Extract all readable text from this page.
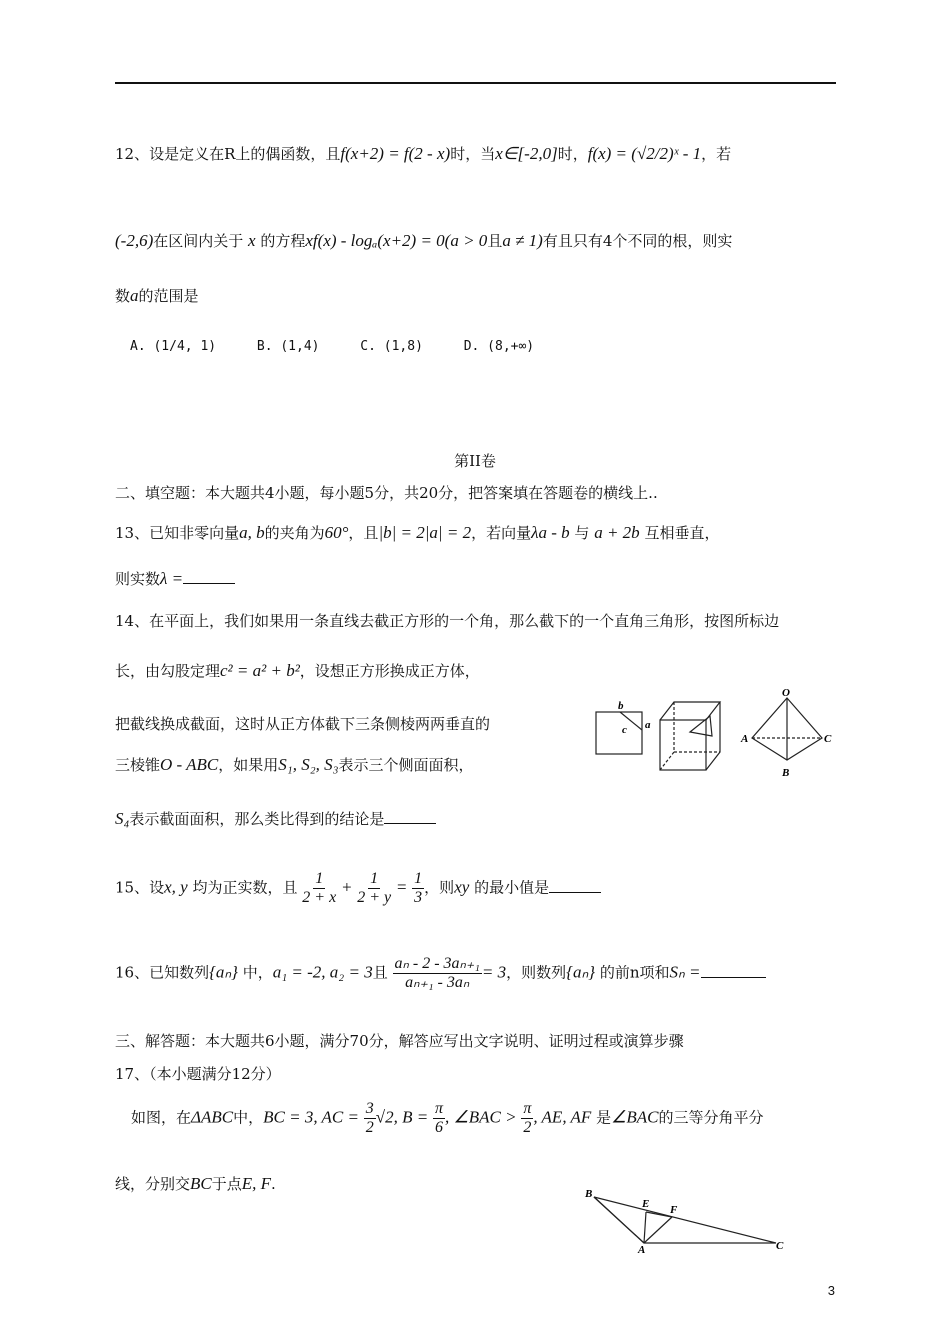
12、设是定义在R上的偶函数，且f(x+2) = f(2 - x)时，当x∈[-2,0]时，f(x) = (√2/2)ˣ - 1，若
(-2,6)在区间内关于 x 的方程xf(x) - logₐ(x+2) = 0(a > 0且a ≠ 1)有且只有4个不同的根，则实
数a的范围是
A. (1/4, 1)	B. (1,4)	C. (1,8)	D. (8,+∞)
第II卷
二、填空题：本大题共4小题，每小题5分，共20分，把答案填在答题卷的横线上..
13、已知非零向量a, b的夹角为60°，且|b| = 2|a| = 2，若向量λa - b 与 a + 2b 互相垂直，
则实数λ =
14、在平面上，我们如果用一条直线去截正方形的一个角，那么截下的一个直角三角形，按图所标边
长，由勾股定理c² = a² + b²，设想正方形换成正方体，
把截线换成截面，这时从正方体截下三条侧棱两两垂直的
三棱锥O - ABC，如果用S₁, S₂, S₃表示三个侧面面积，
S₄表示截面面积，那么类比得到的结论是
b
a
c
O
A
B
C
15、设x, y 均为正实数，且 $\frac{1}{2 + x} + \frac{1}{2 + y} = \frac{1}{3}$ ，则xy 的最小值是
16、已知数列{aₙ} 中，a₁ = -2, a₂ = 3且 $\frac{\text{aₙ - 2 - 3aₙ₊₁}}{\text{aₙ₊₁ - 3aₙ}} = 3$，则数列{aₙ} 的前n项和Sₙ =
三、解答题：本大题共6小题，满分70分，解答应写出文字说明、证明过程或演算步骤
17、（本小题满分12分）
如图，在ΔABC中，BC = 3, AC = $\frac{3}{2} √2$, $B = \frac{\pi}{6}$ , ∠BAC > $\frac{\pi}{2}$ , AE, AF 是∠BAC的三等分角平分
线，分别交BC于点E, F.
B
E F
A	C
3
